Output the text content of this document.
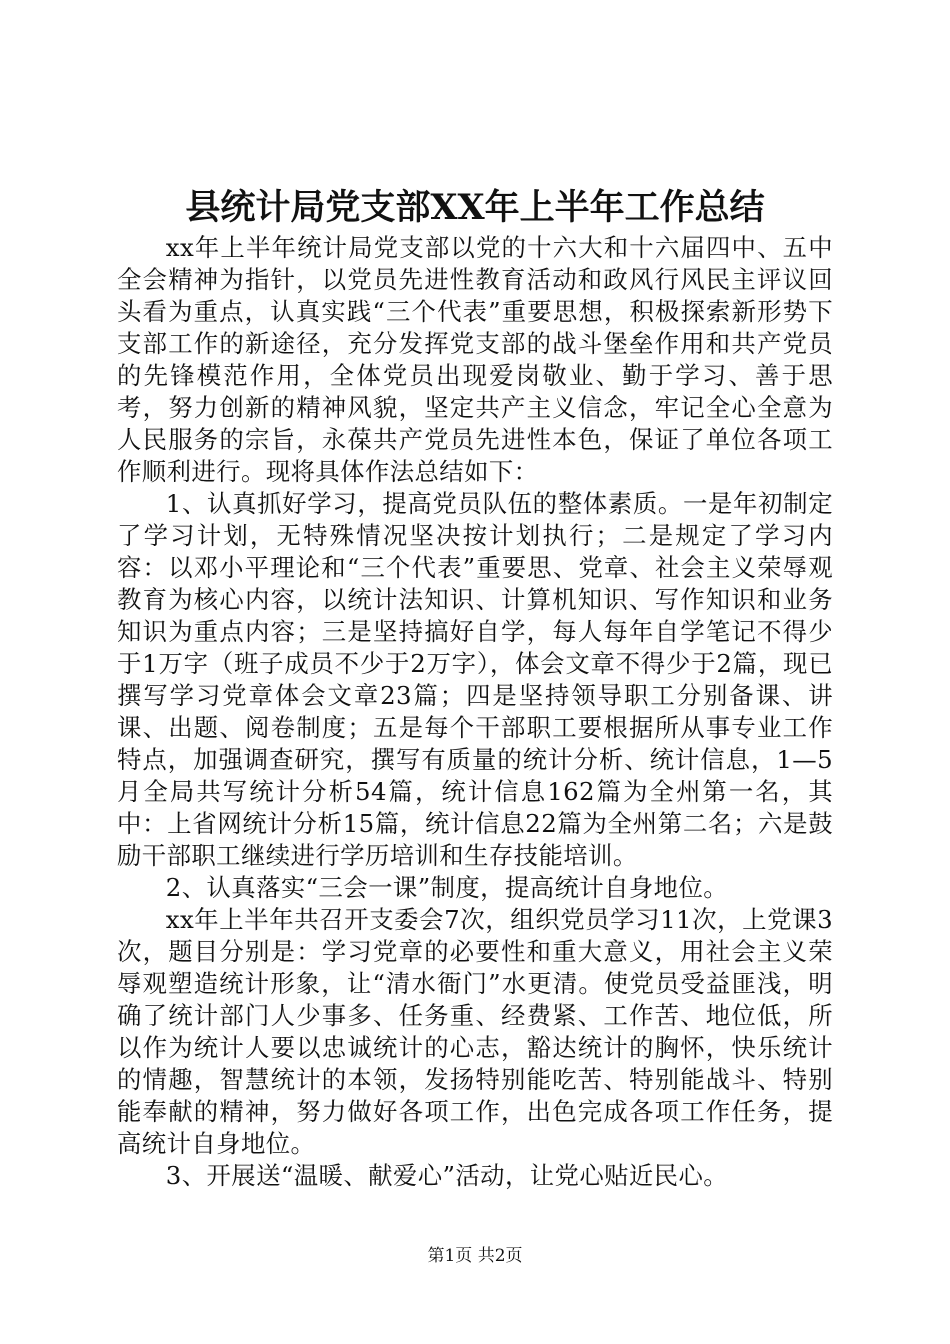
县统计局党支部XX年上半年工作总结

xx年上半年统计局党支部以党的十六大和十六届四中、五中全会精神为指针，以党员先进性教育活动和政风行风民主评议回头看为重点，认真实践“三个代表”重要思想，积极探索新形势下支部工作的新途径，充分发挥党支部的战斗堡垒作用和共产党员的先锋模范作用，全体党员出现爱岗敬业、勤于学习、善于思考，努力创新的精神风貌，坚定共产主义信念，牢记全心全意为人民服务的宗旨，永葆共产党员先进性本色，保证了单位各项工作顺利进行。现将具体作法总结如下：

1、认真抓好学习，提高党员队伍的整体素质。一是年初制定了学习计划，无特殊情况坚决按计划执行；二是规定了学习内容：以邓小平理论和“三个代表”重要思、党章、社会主义荣辱观教育为核心内容，以统计法知识、计算机知识、写作知识和业务知识为重点内容；三是坚持搞好自学，每人每年自学笔记不得少于1万字（班子成员不少于2万字），体会文章不得少于2篇，现已撰写学习党章体会文章23篇；四是坚持领导职工分别备课、讲课、出题、阅卷制度；五是每个干部职工要根据所从事专业工作特点，加强调查研究，撰写有质量的统计分析、统计信息，1—5月全局共写统计分析54篇，统计信息162篇为全州第一名，其中：上省网统计分析15篇，统计信息22篇为全州第二名；六是鼓励干部职工继续进行学历培训和生存技能培训。

2、认真落实“三会一课”制度，提高统计自身地位。

xx年上半年共召开支委会7次，组织党员学习11次，上党课3次，题目分别是：学习党章的必要性和重大意义，用社会主义荣辱观塑造统计形象，让“清水衙门”水更清。使党员受益匪浅，明确了统计部门人少事多、任务重、经费紧、工作苦、地位低，所以作为统计人要以忠诚统计的心志，豁达统计的胸怀，快乐统计的情趣，智慧统计的本领，发扬特别能吃苦、特别能战斗、特别能奉献的精神，努力做好各项工作，出色完成各项工作任务，提高统计自身地位。

3、开展送“温暖、献爱心”活动，让党心贴近民心。

第1页 共2页
